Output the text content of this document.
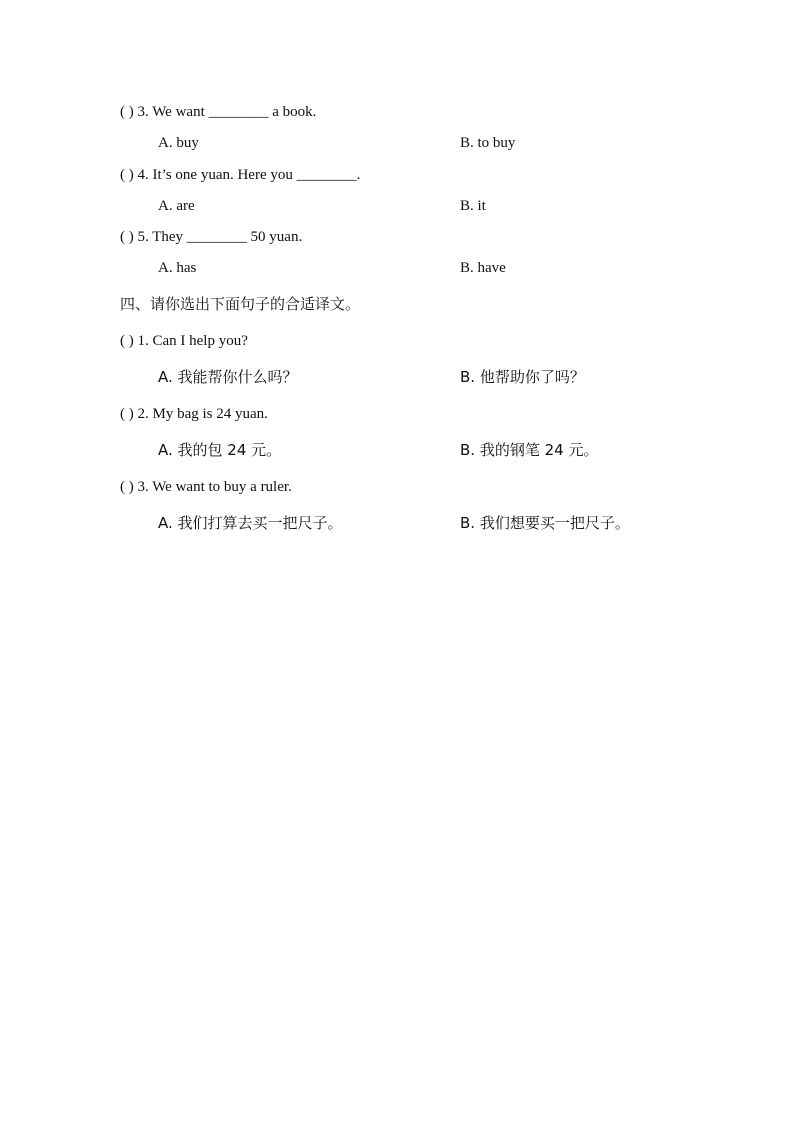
( ) 3. We want ________ a book.
A. buy	B. to buy
( ) 4. It’s one yuan. Here you ________.
A. are	B. it
( ) 5. They ________ 50 yuan.
A. has	B. have
四、请你选出下面句子的合适译文。
( ) 1. Can I help you?
A. 我能帮你什么吗？	B. 他帮助你了吗？
( ) 2. My bag is 24 yuan.
A. 我的包 24 元。	B. 我的钢笔 24 元。
( ) 3. We want to buy a ruler.
A. 我们打算去买一把尺子。	B. 我们想要买一把尺子。
